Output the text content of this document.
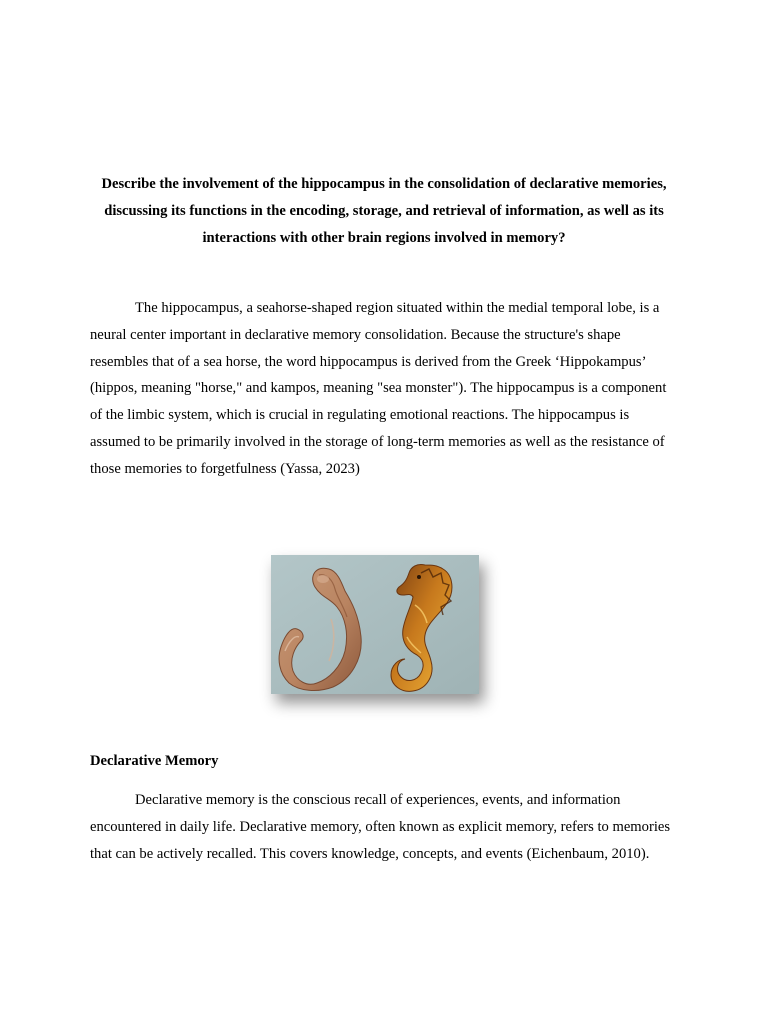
Describe the involvement of the hippocampus in the consolidation of declarative memories, discussing its functions in the encoding, storage, and retrieval of information, as well as its interactions with other brain regions involved in memory?

The hippocampus, a seahorse-shaped region situated within the medial temporal lobe, is a neural center important in declarative memory consolidation. Because the structure's shape resembles that of a sea horse, the word hippocampus is derived from the Greek ‘Hippokampus’ (hippos, meaning "horse," and kampos, meaning "sea monster"). The hippocampus is a component of the limbic system, which is crucial in regulating emotional reactions. The hippocampus is assumed to be primarily involved in the storage of long-term memories as well as the resistance of those memories to forgetfulness (Yassa, 2023)

Declarative Memory

Declarative memory is the conscious recall of experiences, events, and information encountered in daily life. Declarative memory, often known as explicit memory, refers to memories that can be actively recalled. This covers knowledge, concepts, and events (Eichenbaum, 2010).
